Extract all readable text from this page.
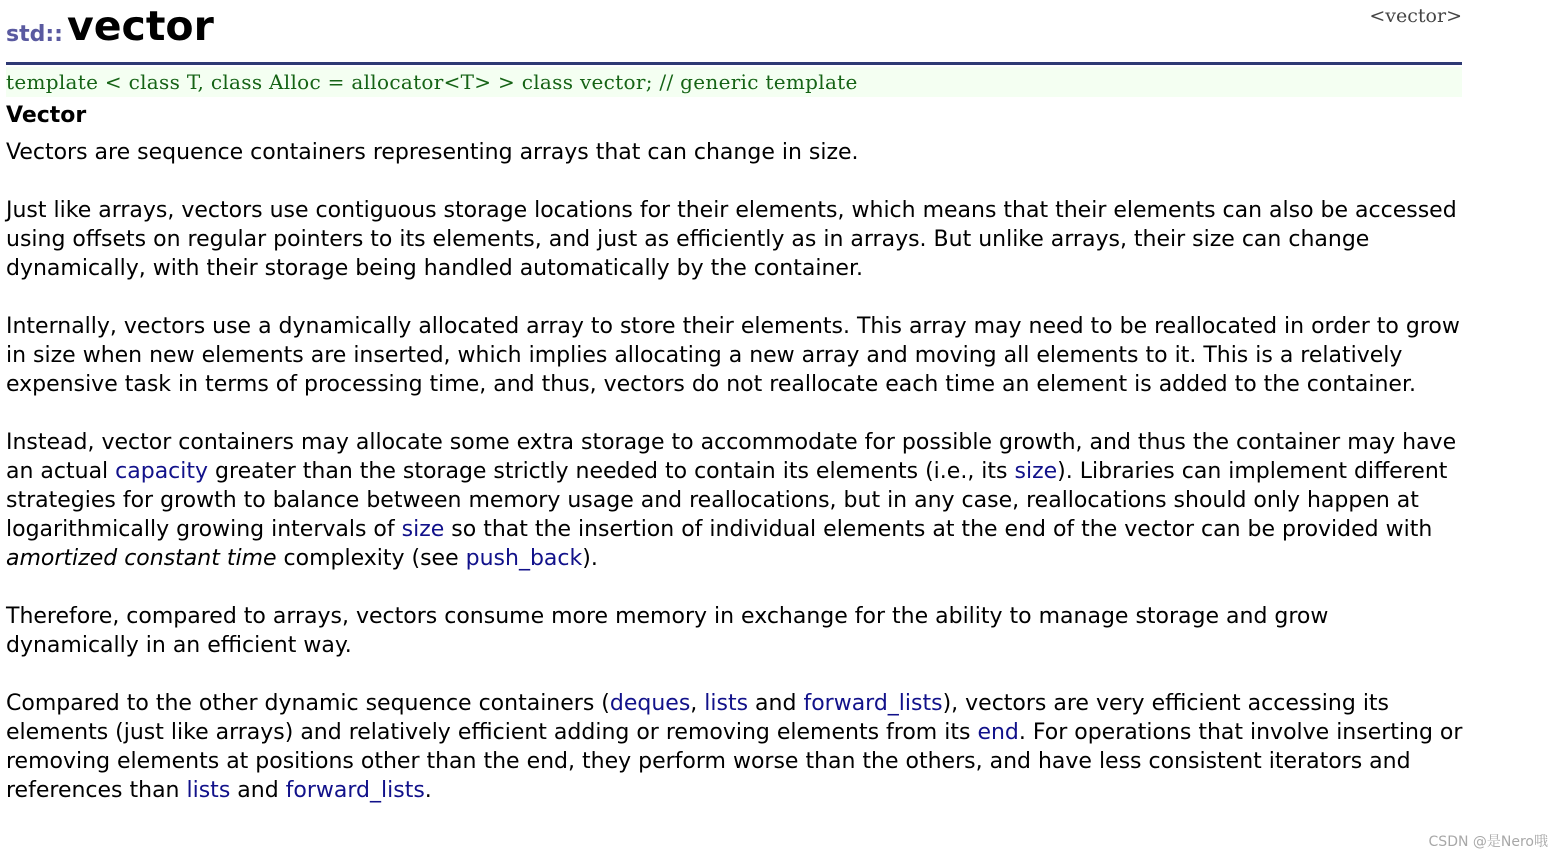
std:: vector	<vector>
template < class T, class Alloc = allocator<T> > class vector; // generic template
Vector

Vectors are sequence containers representing arrays that can change in size.

Just like arrays, vectors use contiguous storage locations for their elements, which means that their elements can also be accessed using offsets on regular pointers to its elements, and just as efficiently as in arrays. But unlike arrays, their size can change dynamically, with their storage being handled automatically by the container.

Internally, vectors use a dynamically allocated array to store their elements. This array may need to be reallocated in order to grow in size when new elements are inserted, which implies allocating a new array and moving all elements to it. This is a relatively expensive task in terms of processing time, and thus, vectors do not reallocate each time an element is added to the container.

Instead, vector containers may allocate some extra storage to accommodate for possible growth, and thus the container may have an actual capacity greater than the storage strictly needed to contain its elements (i.e., its size). Libraries can implement different strategies for growth to balance between memory usage and reallocations, but in any case, reallocations should only happen at logarithmically growing intervals of size so that the insertion of individual elements at the end of the vector can be provided with amortized constant time complexity (see push_back).

Therefore, compared to arrays, vectors consume more memory in exchange for the ability to manage storage and grow dynamically in an efficient way.

Compared to the other dynamic sequence containers (deques, lists and forward_lists), vectors are very efficient accessing its elements (just like arrays) and relatively efficient adding or removing elements from its end. For operations that involve inserting or removing elements at positions other than the end, they perform worse than the others, and have less consistent iterators and references than lists and forward_lists.

CSDN @是Nero哦
